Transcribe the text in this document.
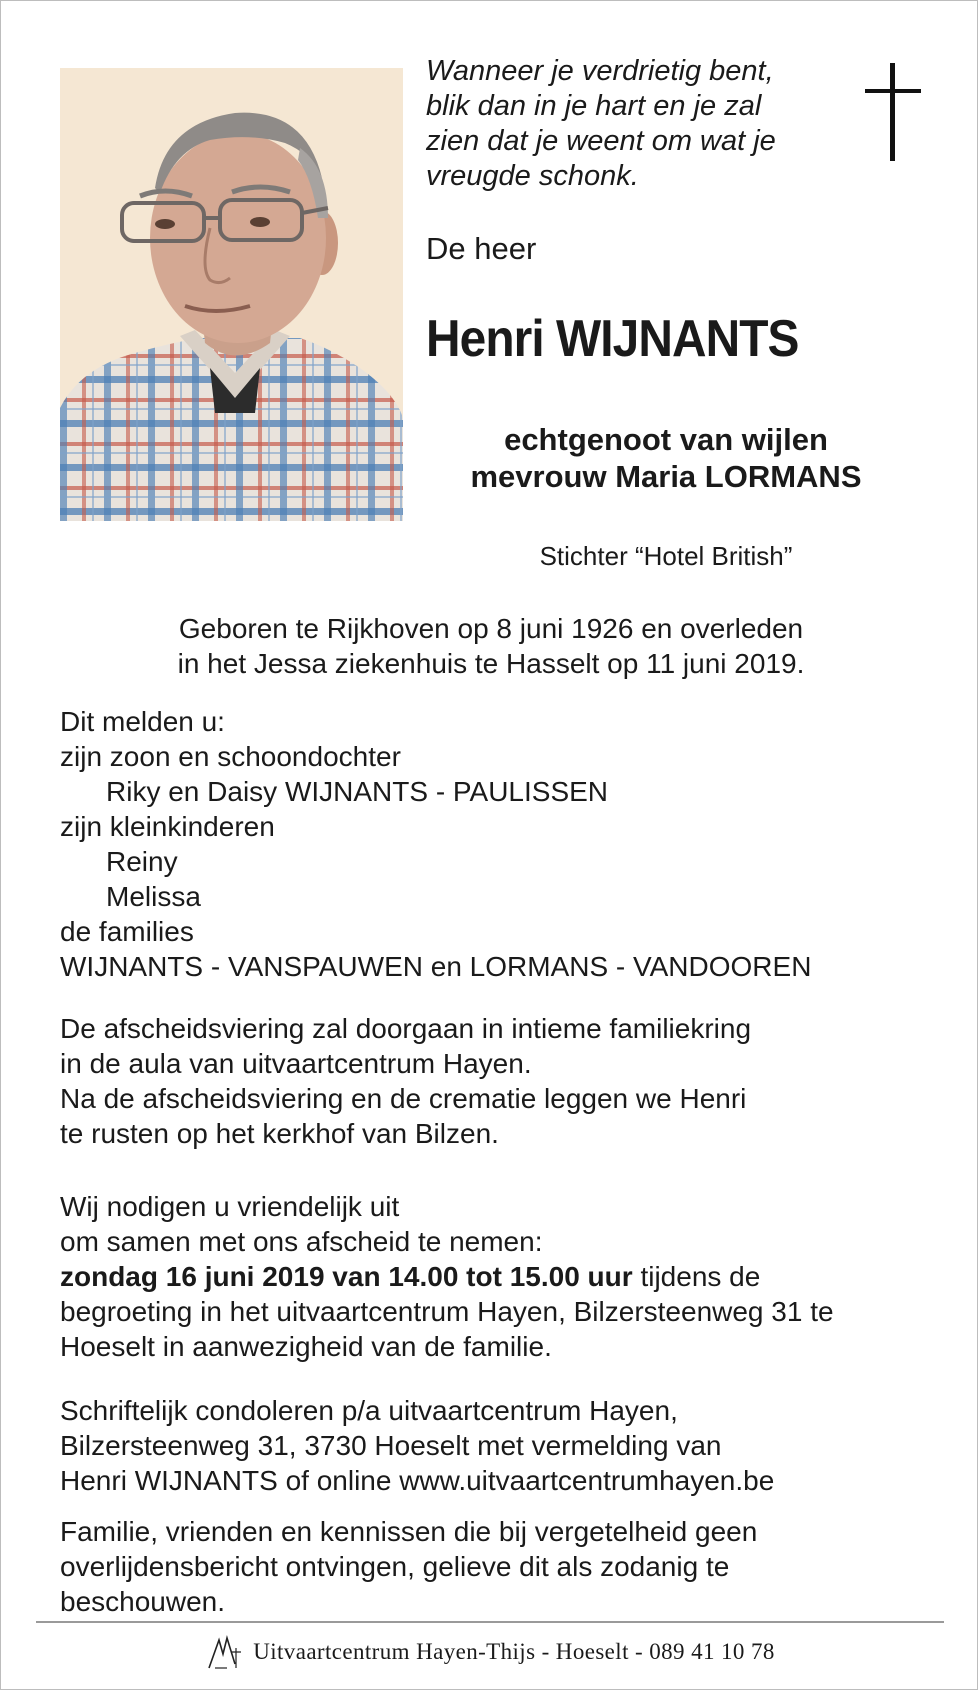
Wanneer je verdrietig bent,
blik dan in je hart en je zal
zien dat je weent om wat je
vreugde schonk.
De heer
Henri WIJNANTS
echtgenoot van wijlen
mevrouw Maria LORMANS
Stichter “Hotel British”
Geboren te Rijkhoven op 8 juni 1926 en overleden
in het Jessa ziekenhuis te Hasselt op 11 juni 2019.
Dit melden u:
zijn zoon en schoondochter
Riky en Daisy WIJNANTS - PAULISSEN
zijn kleinkinderen
Reiny
Melissa
de families
WIJNANTS - VANSPAUWEN en LORMANS - VANDOOREN
De afscheidsviering zal doorgaan in intieme familiekring
in de aula van uitvaartcentrum Hayen.
Na de afscheidsviering en de crematie leggen we Henri
te rusten op het kerkhof van Bilzen.
Wij nodigen u vriendelijk uit
om samen met ons afscheid te nemen:
zondag 16 juni 2019 van 14.00 tot 15.00 uur tijdens de
begroeting in het uitvaartcentrum Hayen, Bilzersteenweg 31 te
Hoeselt in aanwezigheid van de familie.
Schriftelijk condoleren p/a uitvaartcentrum Hayen,
Bilzersteenweg 31, 3730 Hoeselt met vermelding van
Henri WIJNANTS of online www.uitvaartcentrumhayen.be
Familie, vrienden en kennissen die bij vergetelheid geen
overlijdensbericht ontvingen, gelieve dit als zodanig te
beschouwen.
Uitvaartcentrum Hayen-Thijs - Hoeselt - 089 41 10 78
